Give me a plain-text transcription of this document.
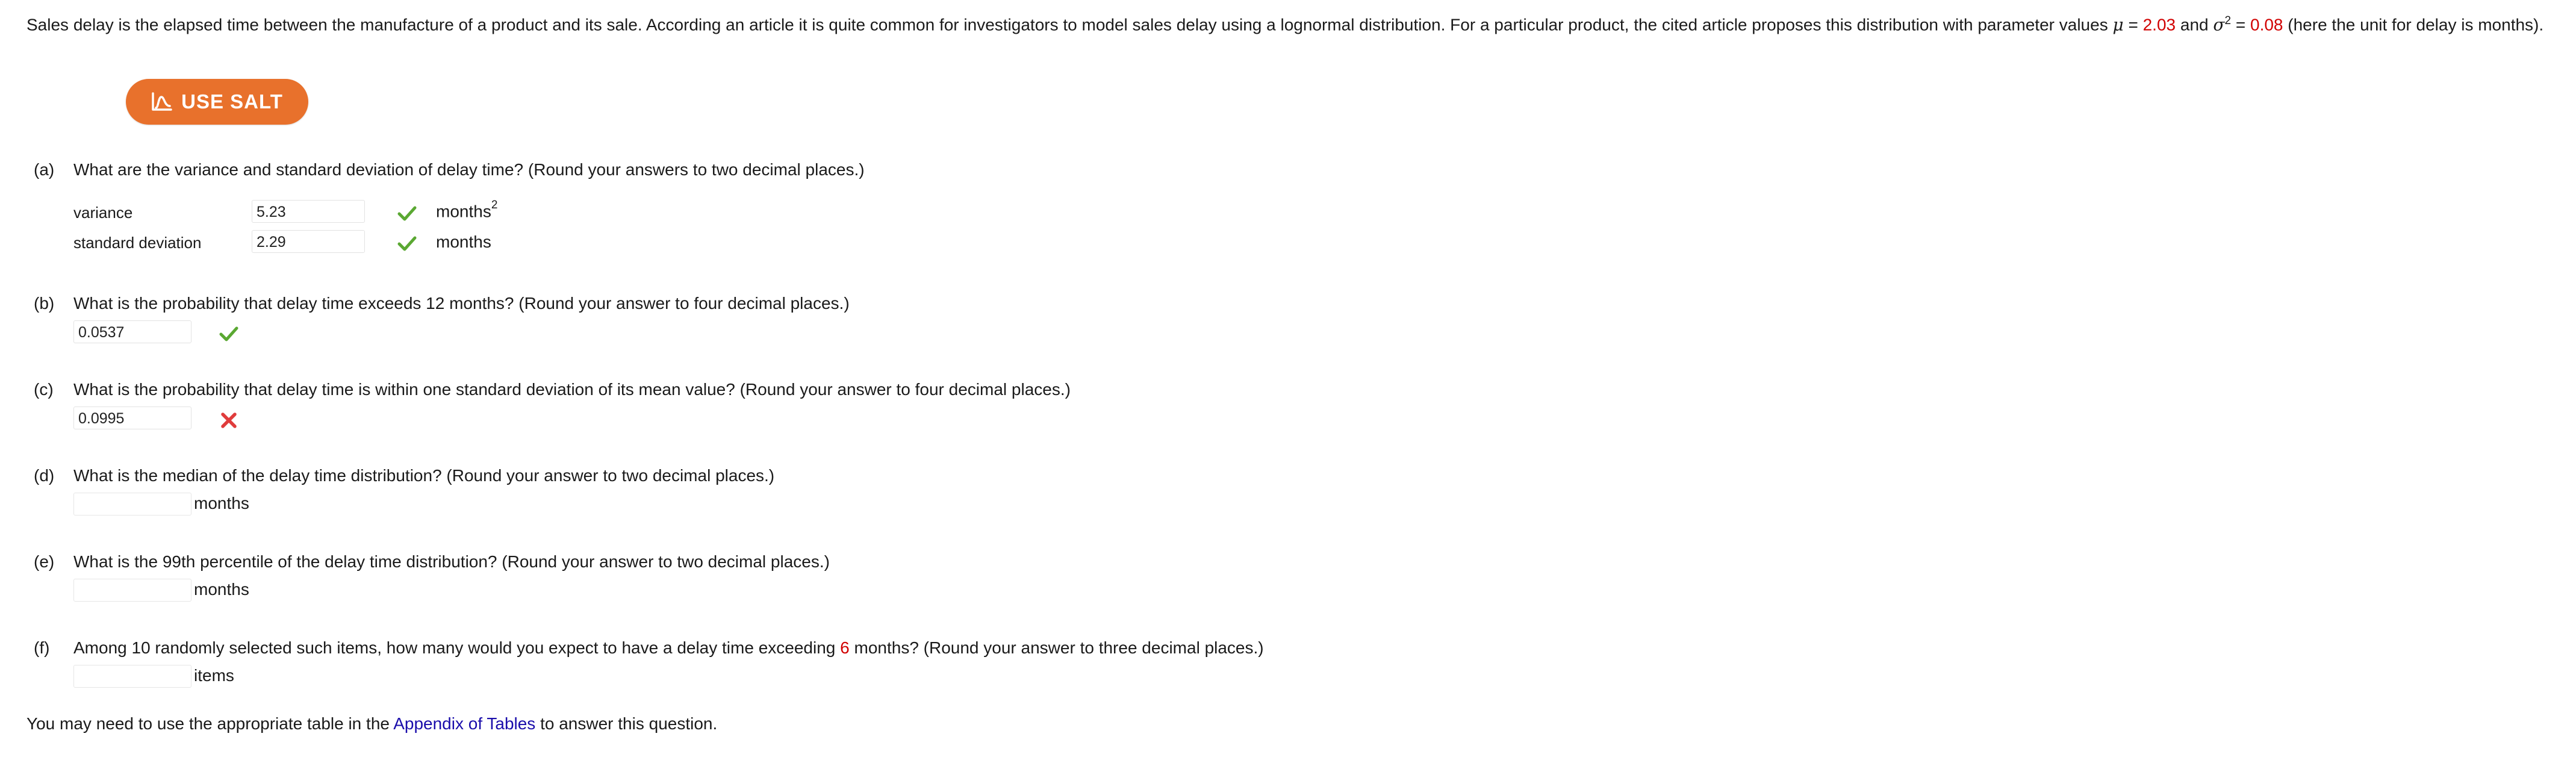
Sales delay is the elapsed time between the manufacture of a product and its sale. According an article it is quite common for investigators to model sales delay using a lognormal distribution. For a particular product, the cited article proposes this distribution with parameter values μ = 2.03 and $\sigma^2 = 0.08$ (here the unit for delay is months).
USE SALT
(a) What are the variance and standard deviation of delay time? (Round your answers to two decimal places.)
variance	5.23	months$^2$
standard deviation	2.29	months
(b) What is the probability that delay time exceeds 12 months? (Round your answer to four decimal places.)
0.0537
(c) What is the probability that delay time is within one standard deviation of its mean value? (Round your answer to four decimal places.)
0.0995
(d) What is the median of the delay time distribution? (Round your answer to two decimal places.)
months
(e) What is the 99th percentile of the delay time distribution? (Round your answer to two decimal places.)
months
(f) Among 10 randomly selected such items, how many would you expect to have a delay time exceeding 6 months? (Round your answer to three decimal places.)
items
You may need to use the appropriate table in the Appendix of Tables to answer this question.
